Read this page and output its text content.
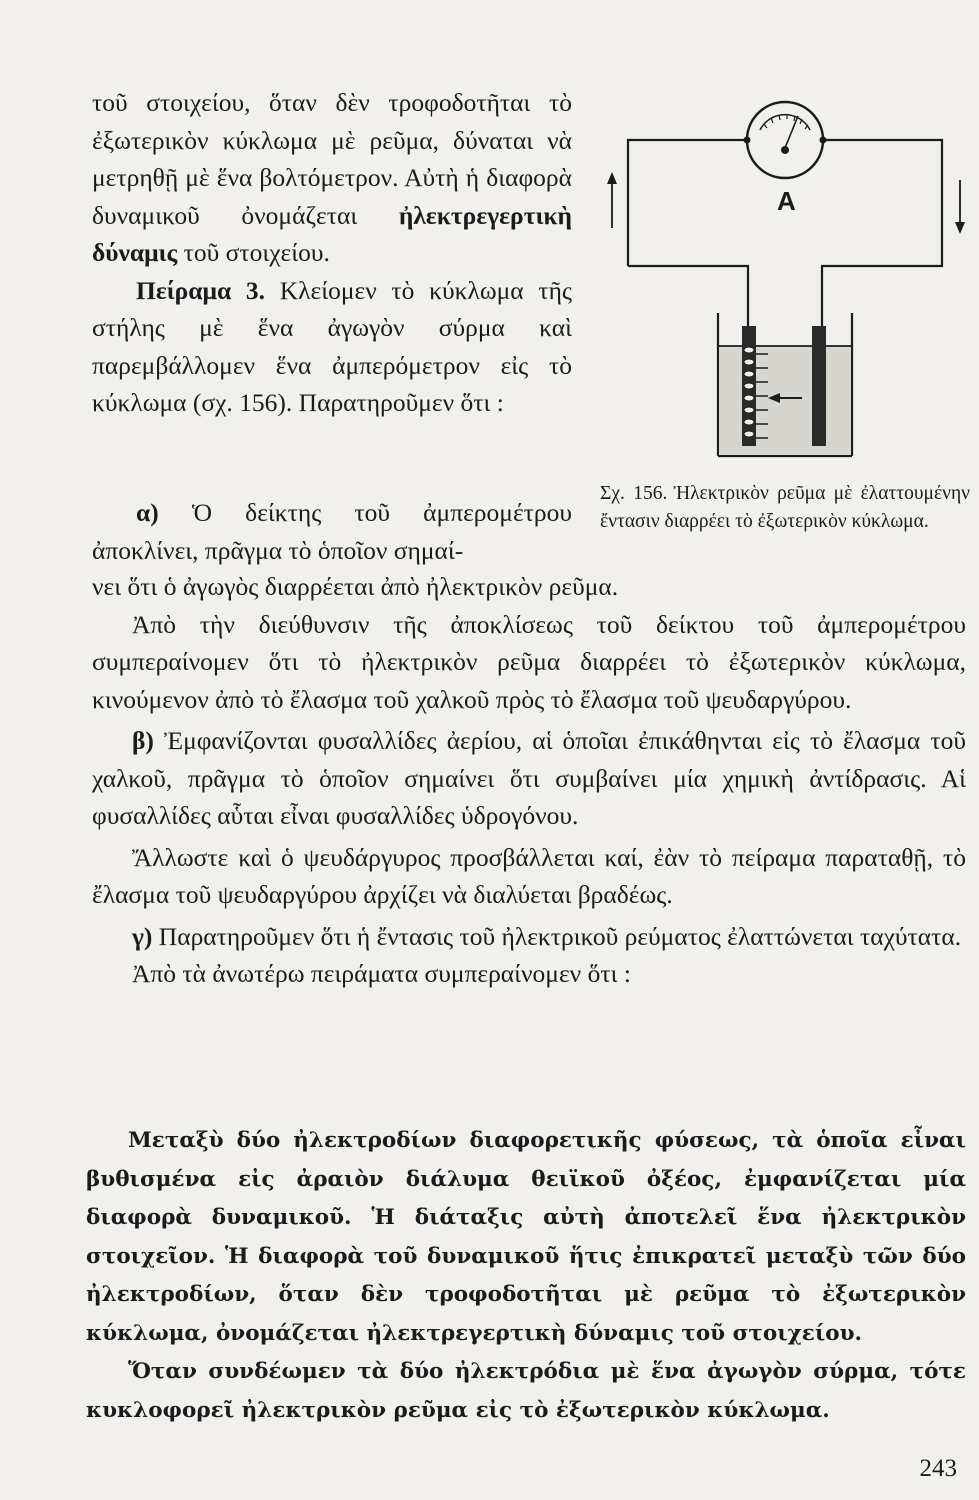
τοῦ στοιχείου, ὅταν δὲν τροφοδοτῆται τὸ ἐξωτερικὸν κύκλωμα μὲ ρεῦμα, δύναται νὰ μετρηθῇ μὲ ἕνα βολτόμετρον. Αὐτὴ ἡ διαφορὰ δυναμικοῦ ὀνομάζεται ἠλεκτρεγερτικὴ δύναμις τοῦ στοιχείου.

Πείραμα 3. Κλείομεν τὸ κύκλωμα τῆς στήλης μὲ ἕνα ἀγωγὸν σύρμα καὶ παρεμβάλλομεν ἕνα ἀμπερόμετρον εἰς τὸ κύκλωμα (σχ. 156). Παρατηροῦμεν ὅτι :

A
Σχ. 156. Ἠλεκτρικὸν ρεῦμα μὲ ἐλαττουμένην ἔντασιν διαρρέει τὸ ἐξωτερικὸν κύκλωμα.

α) Ὁ δείκτης τοῦ ἀμπερομέτρου ἀποκλίνει, πρᾶγμα τὸ ὁποῖον σημαί-

νει ὅτι ὁ ἀγωγὸς διαρρέεται ἀπὸ ἠλεκτρικὸν ρεῦμα.

Ἀπὸ τὴν διεύθυνσιν τῆς ἀποκλίσεως τοῦ δείκτου τοῦ ἀμπερομέτρου συμπεραίνομεν ὅτι τὸ ἠλεκτρικὸν ρεῦμα διαρρέει τὸ ἐξωτερικὸν κύκλωμα, κινούμενον ἀπὸ τὸ ἔλασμα τοῦ χαλκοῦ πρὸς τὸ ἔλασμα τοῦ ψευδαργύρου.

β) Ἐμφανίζονται φυσαλλίδες ἀερίου, αἱ ὁποῖαι ἐπικάθηνται εἰς τὸ ἔλασμα τοῦ χαλκοῦ, πρᾶγμα τὸ ὁποῖον σημαίνει ὅτι συμβαίνει μία χημικὴ ἀντίδρασις. Αἱ φυσαλλίδες αὗται εἶναι φυσαλλίδες ὑδρογόνου.

Ἄλλωστε καὶ ὁ ψευδάργυρος προσβάλλεται καί, ἐὰν τὸ πείραμα παραταθῇ, τὸ ἔλασμα τοῦ ψευδαργύρου ἀρχίζει νὰ διαλύεται βραδέως.

γ) Παρατηροῦμεν ὅτι ἡ ἔντασις τοῦ ἠλεκτρικοῦ ρεύματος ἐλαττώνεται ταχύτατα.

Ἀπὸ τὰ ἀνωτέρω πειράματα συμπεραίνομεν ὅτι :

Μεταξὺ δύο ἠλεκτροδίων διαφορετικῆς φύσεως, τὰ ὁποῖα εἶναι βυθισμένα εἰς ἀραιὸν διάλυμα θειϊκοῦ ὀξέος, ἐμφανίζεται μία διαφορὰ δυναμικοῦ. Ἡ διάταξις αὐτὴ ἀποτελεῖ ἕνα ἠλεκτρικὸν στοιχεῖον. Ἡ διαφορὰ τοῦ δυναμικοῦ ἥτις ἐπικρατεῖ μεταξὺ τῶν δύο ἠλεκτροδίων, ὅταν δὲν τροφοδοτῆται μὲ ρεῦμα τὸ ἐξωτερικὸν κύκλωμα, ὀνομάζεται ἠλεκτρεγερτικὴ δύναμις τοῦ στοιχείου.

Ὅταν συνδέωμεν τὰ δύο ἠλεκτρόδια μὲ ἕνα ἀγωγὸν σύρμα, τότε κυκλοφορεῖ ἠλεκτρικὸν ρεῦμα εἰς τὸ ἐξωτερικὸν κύκλωμα.

243
